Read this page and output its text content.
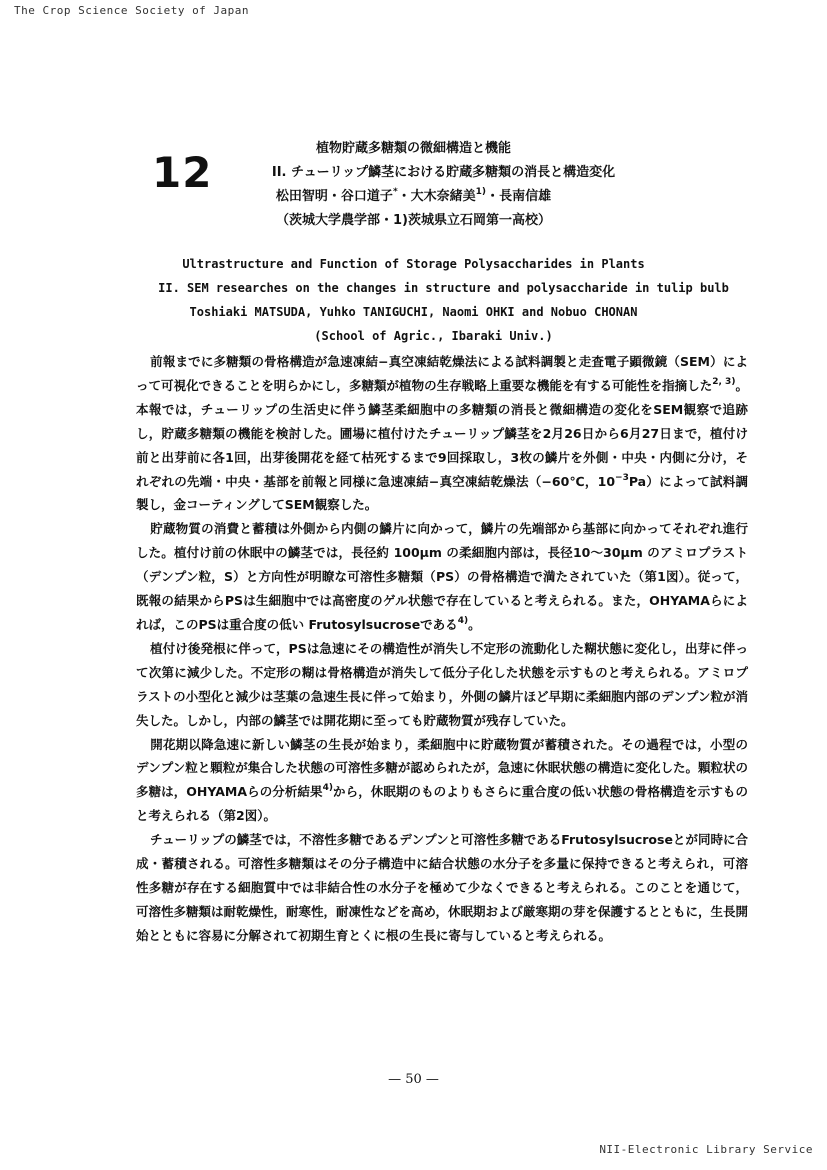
The Crop Science Society of Japan
12	植物貯蔵多糖類の微細構造と機能
II. チューリップ鱗茎における貯蔵多糖類の消長と構造変化
松田智明・谷口道子*・大木奈緒美$^{1)}$・長南信雄
（茨城大学農学部・1)茨城県立石岡第一高校）
Ultrastructure and Function of Storage Polysaccharides in Plants
II. SEM researches on the changes in structure and polysaccharide in tulip bulb
Toshiaki MATSUDA, Yuhko TANIGUCHI, Naomi OHKI and Nobuo CHONAN
(School of Agric., Ibaraki Univ.)

前報までに多糖類の骨格構造が急速凍結−真空凍結乾燥法による試料調製と走査電子顕微鏡（SEM）によって可視化できることを明らかにし，多糖類が植物の生存戦略上重要な機能を有する可能性を指摘した$^{2, 3)}$。本報では，チューリップの生活史に伴う鱗茎柔細胞中の多糖類の消長と微細構造の変化をSEM観察で追跡し，貯蔵多糖類の機能を検討した。圃場に植付けたチューリップ鱗茎を2月26日から6月27日まで，植付け前と出芽前に各1回，出芽後開花を経て枯死するまで9回採取し，3枚の鱗片を外側・中央・内側に分け，それぞれの先端・中央・基部を前報と同様に急速凍結−真空凍結乾燥法（−60℃，$10^{-3}Pa$）によって試料調製し，金コーティングしてSEM観察した。

貯蔵物質の消費と蓄積は外側から内側の鱗片に向かって，鱗片の先端部から基部に向かってそれぞれ進行した。植付け前の休眠中の鱗茎では，長径約 100μm の柔細胞内部は，長径10〜30μm のアミロプラスト（デンプン粒，S）と方向性が明瞭な可溶性多糖類（PS）の骨格構造で満たされていた（第1図）。従って，既報の結果からPSは生細胞中では高密度のゲル状態で存在していると考えられる。また，OHYAMAらによれば，このPSは重合度の低い Frutosylsucroseである$^{4)}$。

植付け後発根に伴って，PSは急速にその構造性が消失し不定形の流動化した糊状態に変化し，出芽に伴って次第に減少した。不定形の糊は骨格構造が消失して低分子化した状態を示すものと考えられる。アミロプラストの小型化と減少は茎葉の急速生長に伴って始まり，外側の鱗片ほど早期に柔細胞内部のデンプン粒が消失した。しかし，内部の鱗茎では開花期に至っても貯蔵物質が残存していた。

開花期以降急速に新しい鱗茎の生長が始まり，柔細胞中に貯蔵物質が蓄積された。その過程では，小型のデンプン粒と顆粒が集合した状態の可溶性多糖が認められたが，急速に休眠状態の構造に変化した。顆粒状の多糖は，OHYAMAらの分析結果$^{4)}$から，休眠期のものよりもさらに重合度の低い状態の骨格構造を示すものと考えられる（第2図）。

チューリップの鱗茎では，不溶性多糖であるデンプンと可溶性多糖であるFrutosylsucroseとが同時に合成・蓄積される。可溶性多糖類はその分子構造中に結合状態の水分子を多量に保持できると考えられ，可溶性多糖が存在する細胞質中では非結合性の水分子を極めて少なくできると考えられる。このことを通じて，可溶性多糖類は耐乾燥性，耐寒性，耐凍性などを高め，休眠期および厳寒期の芽を保護するとともに，生長開始とともに容易に分解されて初期生育とくに根の生長に寄与していると考えられる。

— 50 —
NII-Electronic Library Service
